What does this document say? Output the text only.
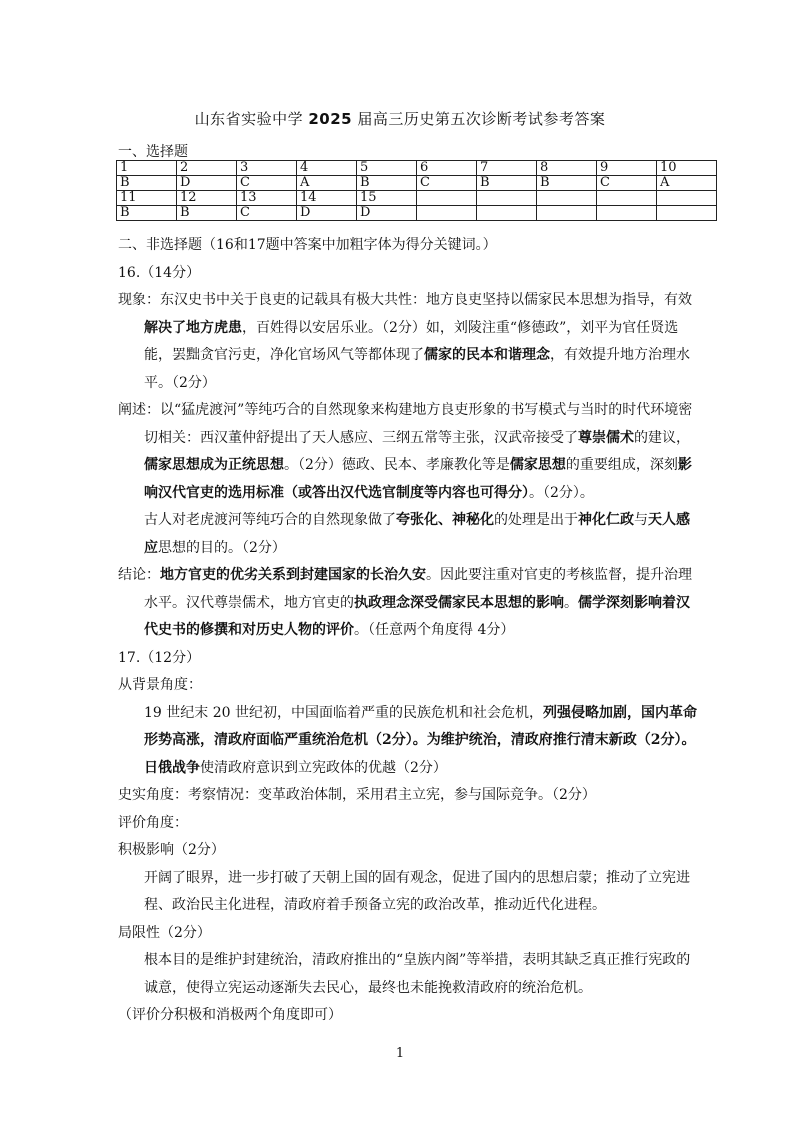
山东省实验中学 2025 届高三历史第五次诊断考试参考答案
一、选择题
1	2	3	4	5	6	7	8	9	10
B	D	C	A	B	C	B	B	C	A
11	12	13	14	15					
B	B	C	D	D					

二、非选择题（16和17题中答案中加粗字体为得分关键词。）

16.（14分）

现象：东汉史书中关于良吏的记载具有极大共性：地方良吏坚持以儒家民本思想为指导，有效解决了地方虎患，百姓得以安居乐业。（2分）如，刘陵注重“修德政”，刘平为官任贤选能，罢黜贪官污吏，净化官场风气等都体现了儒家的民本和谐理念，有效提升地方治理水平。（2分）

阐述：以“猛虎渡河”等纯巧合的自然现象来构建地方良吏形象的书写模式与当时的时代环境密切相关：西汉董仲舒提出了天人感应、三纲五常等主张，汉武帝接受了尊崇儒术的建议，儒家思想成为正统思想。（2分）德政、民本、孝廉教化等是儒家思想的重要组成，深刻影响汉代官吏的选用标准（或答出汉代选官制度等内容也可得分）。（2分）。

古人对老虎渡河等纯巧合的自然现象做了夸张化、神秘化的处理是出于神化仁政与天人感应思想的目的。（2分）

结论：地方官吏的优劣关系到封建国家的长治久安。因此要注重对官吏的考核监督，提升治理水平。汉代尊崇儒术，地方官吏的执政理念深受儒家民本思想的影响。儒学深刻影响着汉代史书的修撰和对历史人物的评价。（任意两个角度得 4分）

17.（12分）

从背景角度：

19 世纪末 20 世纪初，中国面临着严重的民族危机和社会危机，列强侵略加剧，国内革命形势高涨，清政府面临严重统治危机（2分）。为维护统治，清政府推行清末新政（2分）。日俄战争使清政府意识到立宪政体的优越（2分）

史实角度：考察情况：变革政治体制，采用君主立宪，参与国际竞争。（2分）

评价角度：

积极影响（2分）

开阔了眼界，进一步打破了天朝上国的固有观念，促进了国内的思想启蒙；推动了立宪进程、政治民主化进程，清政府着手预备立宪的政治改革，推动近代化进程。

局限性（2分）

根本目的是维护封建统治，清政府推出的“皇族内阁”等举措，表明其缺乏真正推行宪政的诚意，使得立宪运动逐渐失去民心，最终也未能挽救清政府的统治危机。

（评价分积极和消极两个角度即可）

1
